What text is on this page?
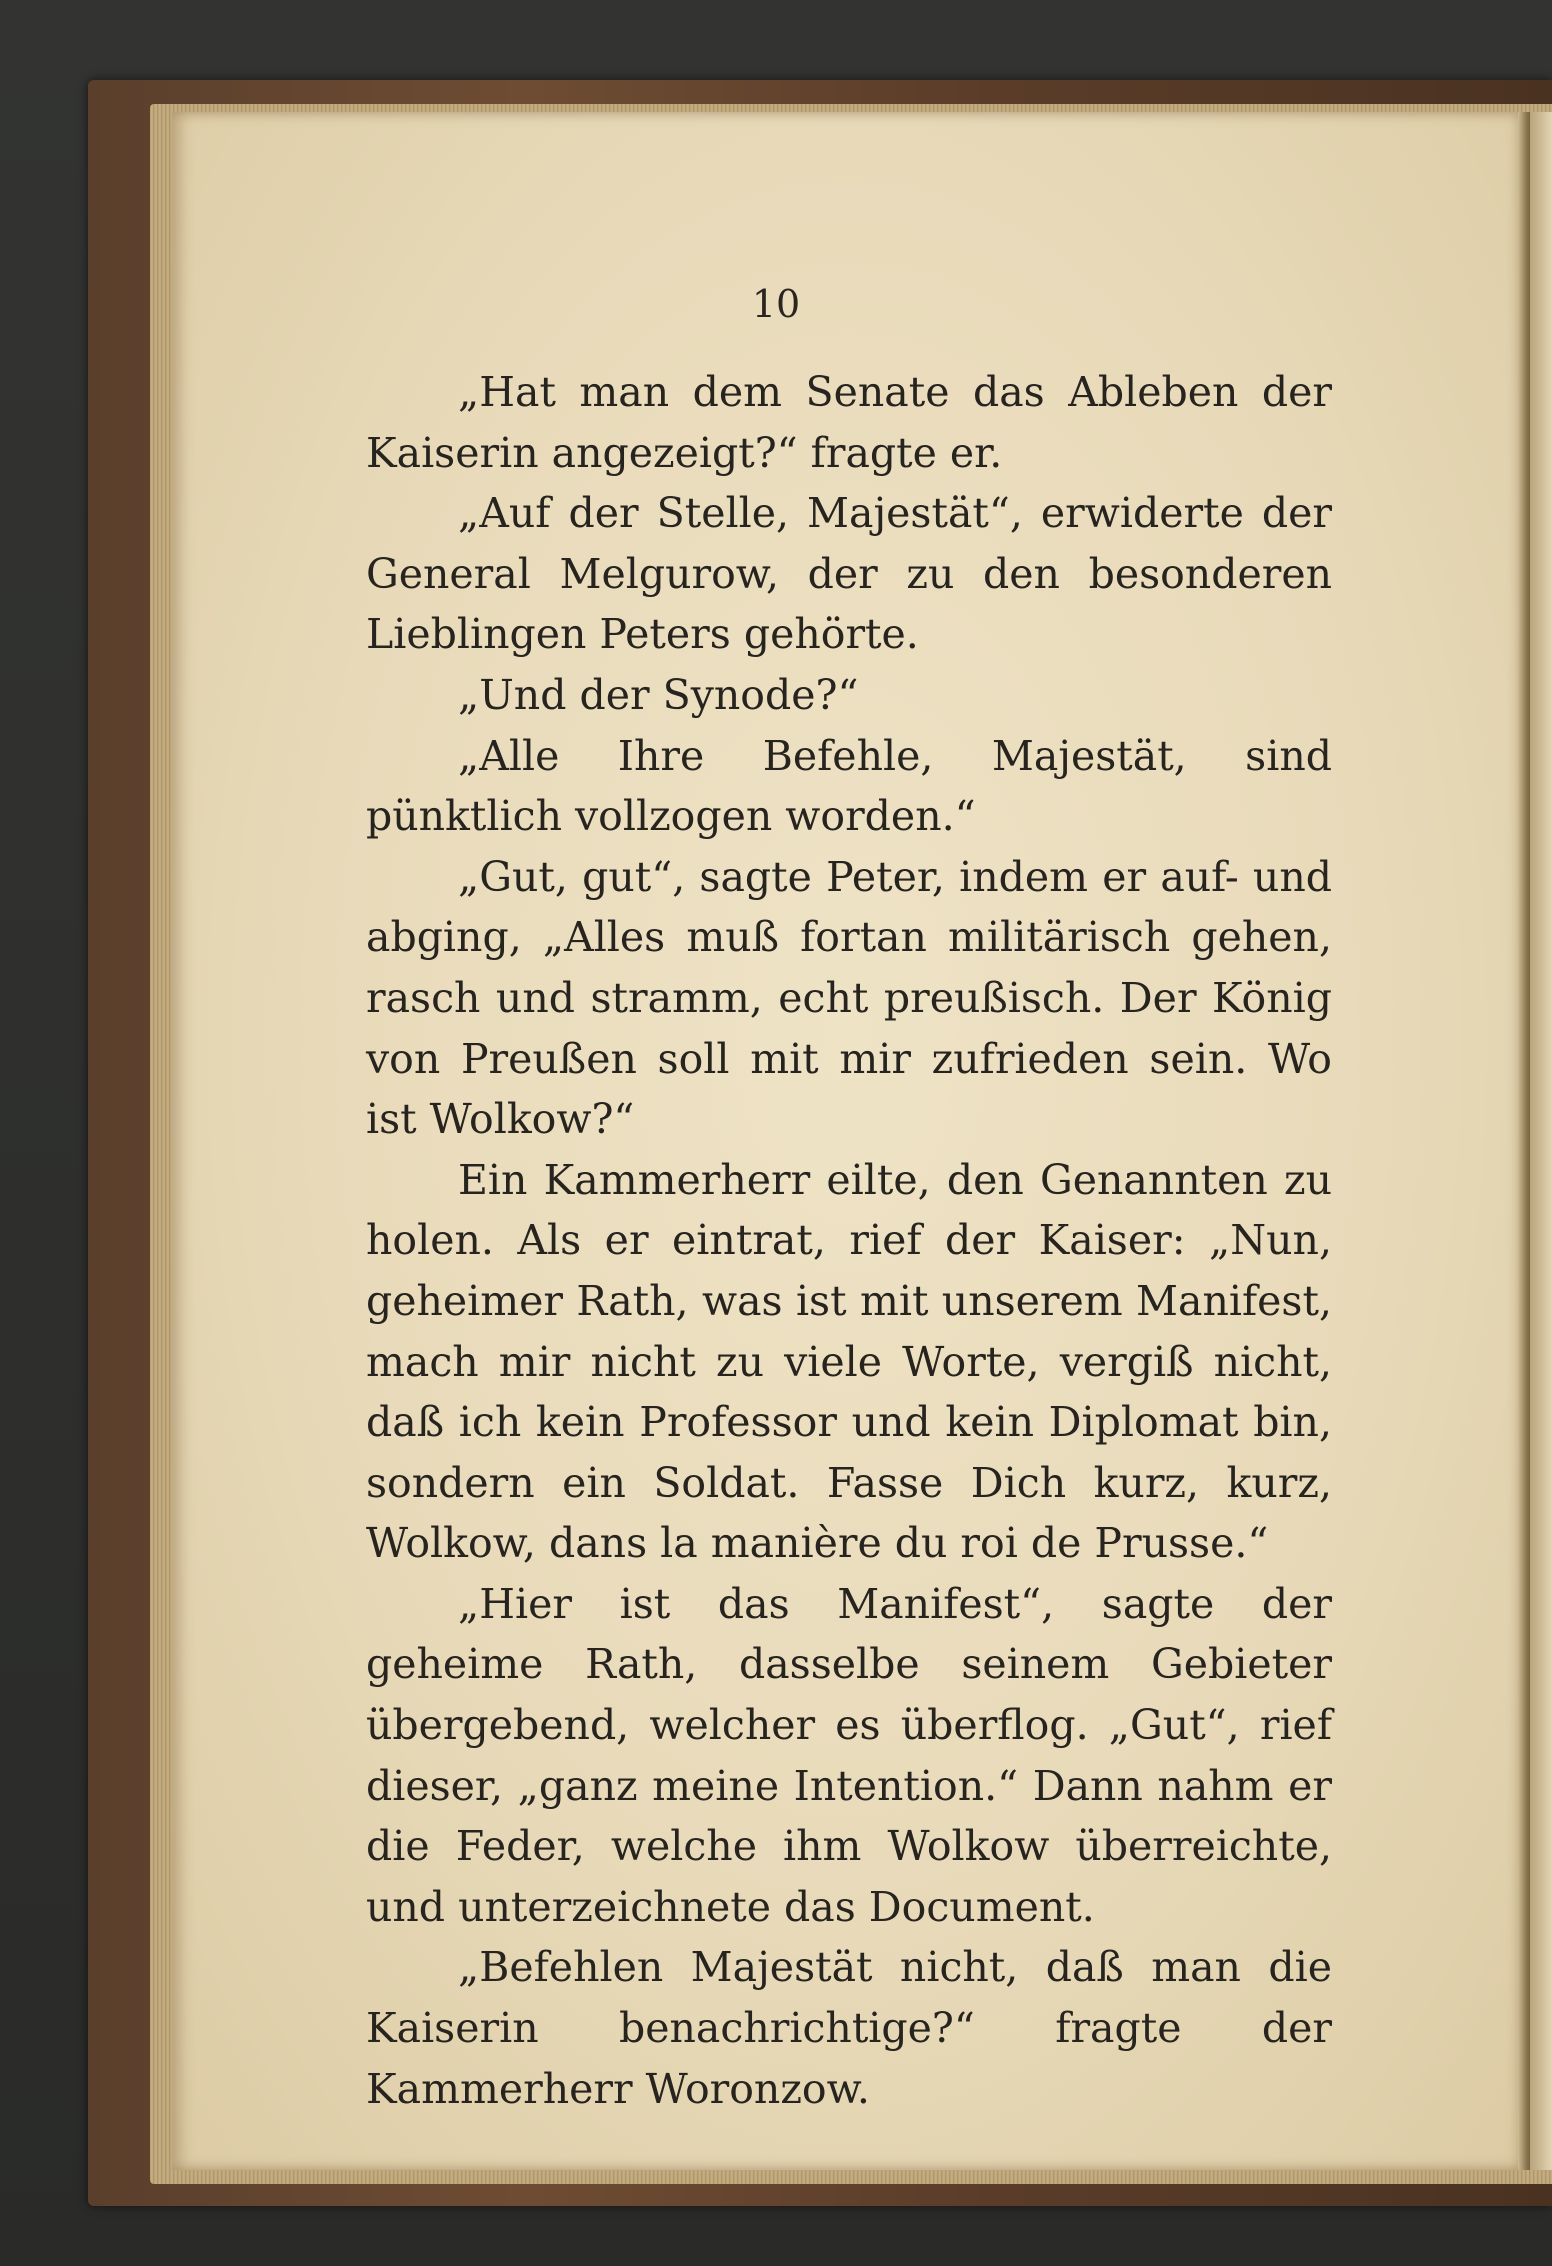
10

„Hat man dem Senate das Ableben der Kaiserin angezeigt?“ fragte er.

„Auf der Stelle, Majestät“, erwiderte der General Melgurow, der zu den besonderen Lieblingen Peters gehörte.

„Und der Synode?“

„Alle Ihre Befehle, Majestät, sind pünktlich vollzogen worden.“

„Gut, gut“, sagte Peter, indem er auf- und abging, „Alles muß fortan militärisch gehen, rasch und stramm, echt preußisch. Der König von Preußen soll mit mir zufrieden sein. Wo ist Wolkow?“

Ein Kammerherr eilte, den Genannten zu holen. Als er eintrat, rief der Kaiser: „Nun, geheimer Rath, was ist mit unserem Manifest, mach mir nicht zu viele Worte, vergiß nicht, daß ich kein Professor und kein Diplomat bin, sondern ein Soldat. Fasse Dich kurz, kurz, Wolkow, dans la manière du roi de Prusse.“

„Hier ist das Manifest“, sagte der geheime Rath, dasselbe seinem Gebieter übergebend, welcher es überflog. „Gut“, rief dieser, „ganz meine Intention.“ Dann nahm er die Feder, welche ihm Wolkow überreichte, und unterzeichnete das Document.

„Befehlen Majestät nicht, daß man die Kaiserin benachrichtige?“ fragte der Kammerherr Woronzow.
